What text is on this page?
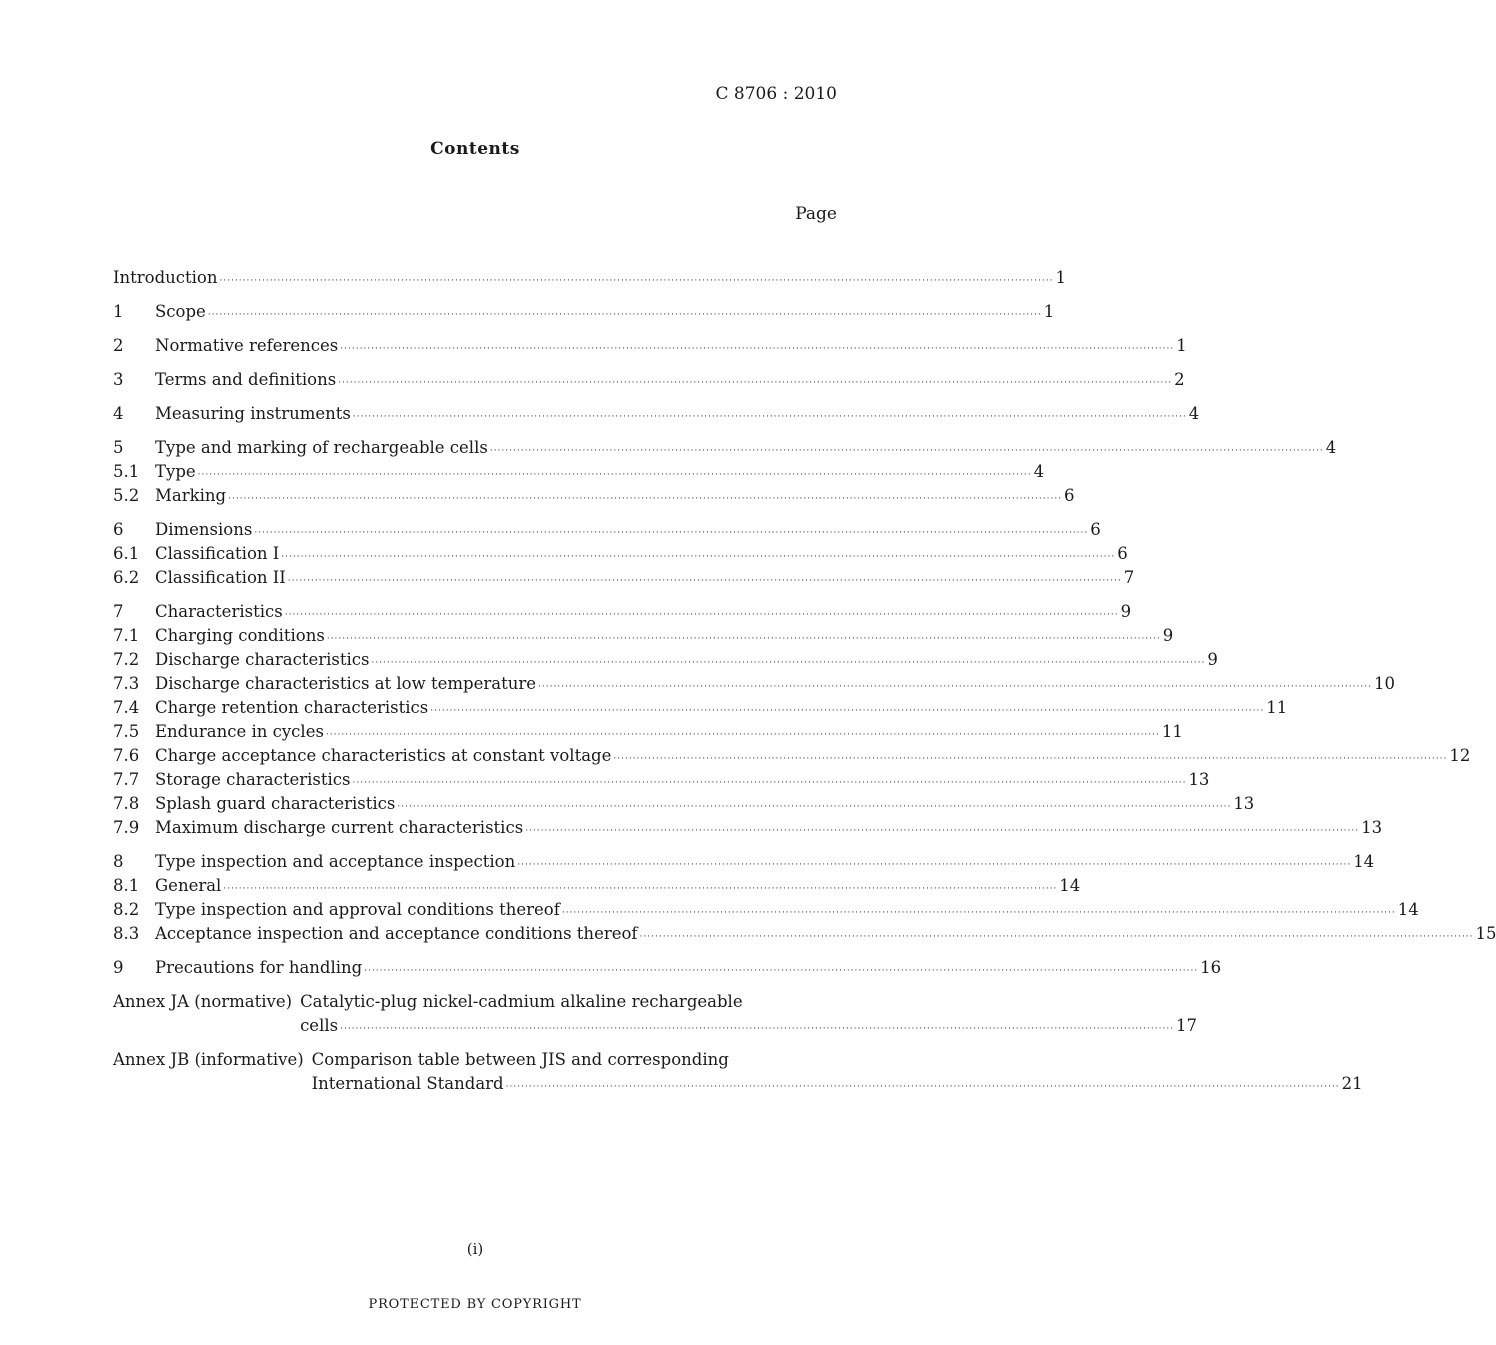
C 8706 : 2010
Contents
Page
Introduction ·····	1
1	Scope ·····	1
2	Normative references ·····	1
3	Terms and definitions ·····	2
4	Measuring instruments ·····	4
5	Type and marking of rechargeable cells ·····	4
5.1 Type ·····	4
5.2 Marking ·····	6
6	Dimensions ·····	6
6.1 Classification I ·····	6
6.2 Classification II ·····	7
7	Characteristics ·····	9
7.1 Charging conditions ·····	9
7.2 Discharge characteristics ·····	9
7.3 Discharge characteristics at low temperature ·····	10
7.4 Charge retention characteristics ·····	11
7.5 Endurance in cycles ·····	11
7.6 Charge acceptance characteristics at constant voltage ·····	12
7.7 Storage characteristics ·····	13
7.8 Splash guard characteristics ·····	13
7.9 Maximum discharge current characteristics ·····	13
8	Type inspection and acceptance inspection ·····	14
8.1 General ·····	14
8.2 Type inspection and approval conditions thereof ·····	14
8.3 Acceptance inspection and acceptance conditions thereof ·····	15
9	Precautions for handling ·····	16
Annex JA (normative) Catalytic-plug nickel-cadmium alkaline rechargeable
cells ·····	17
Annex JB (informative) Comparison table between JIS and corresponding
International Standard ·····	21
(i)
PROTECTED BY COPYRIGHT
